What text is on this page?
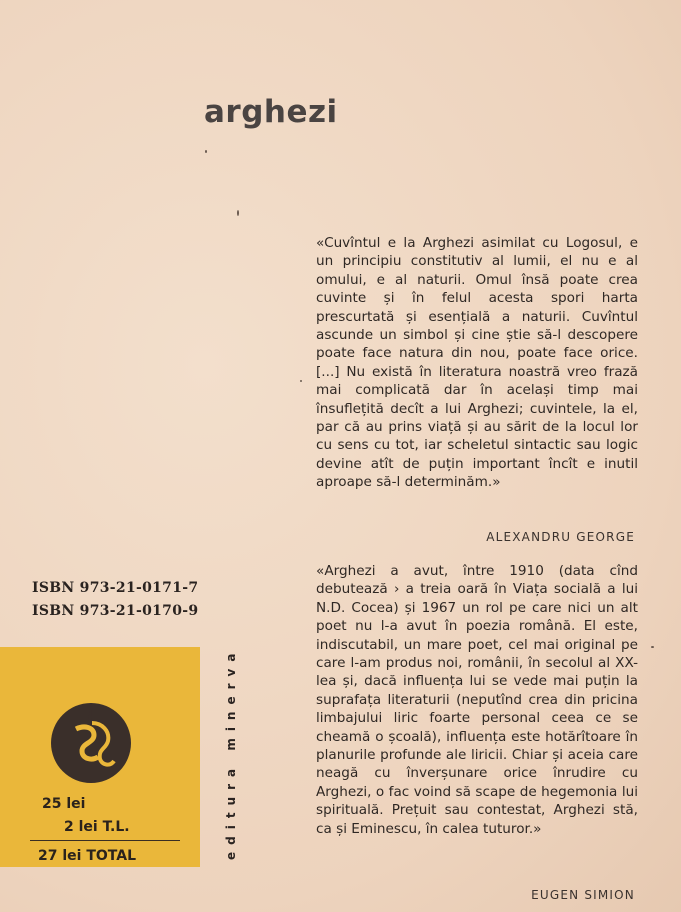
arghezi

«Cuvîntul e la Arghezi asimilat cu Logosul, e un principiu constitutiv al lumii, el nu e al omului, e al naturii. Omul însă poate crea cuvinte și în felul acesta spori harta prescurtată și esențială a naturii. Cuvîntul ascunde un simbol și cine știe să-l descopere poate face natura din nou, poate face orice. [...] Nu există în literatura noastră vreo frază mai complicată dar în același timp mai însuflețită decît a lui Arghezi; cuvintele, la el, par că au prins viață și au sărit de la locul lor cu sens cu tot, iar scheletul sintactic sau logic devine atît de puțin important încît e inutil aproape să-l determinăm.»

ALEXANDRU GEORGE

«Arghezi a avut, între 1910 (data cînd debutează › a treia oară în Viața socială a lui N.D. Cocea) și 1967 un rol pe care nici un alt poet nu l-a avut în poezia română. El este, indiscutabil, un mare poet, cel mai original pe care l-am produs noi, românii, în secolul al XX-lea și, dacă influența lui se vede mai puțin la suprafața literaturii (neputînd crea din pricina limbajului liric foarte personal ceea ce se cheamă o școală), influența este hotărîtoare în planurile profunde ale liricii. Chiar și aceia care neagă cu înverșunare orice înrudire cu Arghezi, o fac voind să scape de hegemonia lui spirituală. Prețuit sau contestat, Arghezi stă, ca și Eminescu, în calea tuturor.»

EUGEN SIMION
ISBN 973-21-0171-7
ISBN 973-21-0170-9
25 lei
2 lei T.L.
27 lei TOTAL	editura minerva
